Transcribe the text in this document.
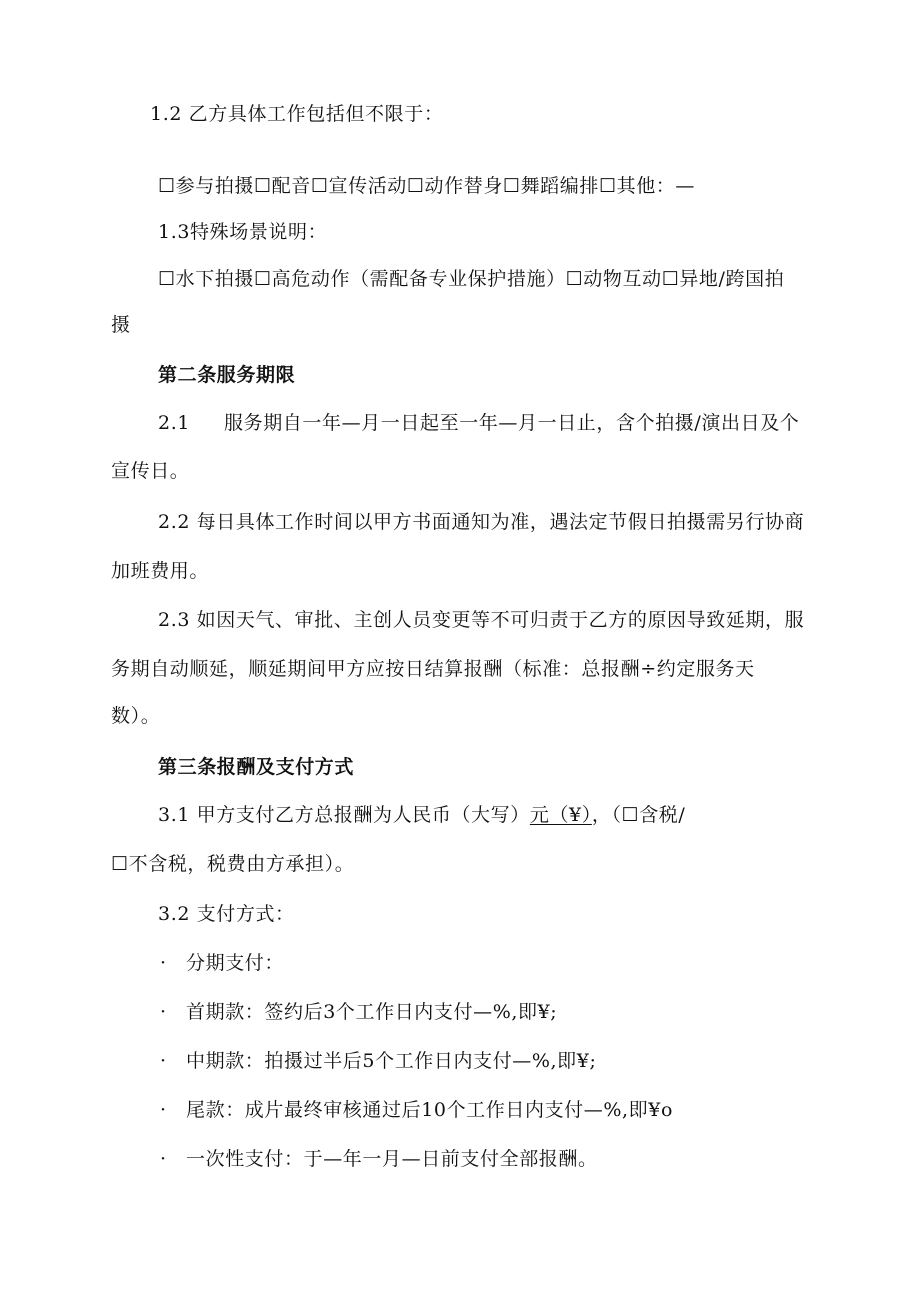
1.2 乙方具体工作包括但不限于：
☐参与拍摄☐配音☐宣传活动☐动作替身☐舞蹈编排☐其他：—
1.3特殊场景说明：
☐水下拍摄☐高危动作（需配备专业保护措施）☐动物互动☐异地/跨国拍
摄
第二条服务期限
2.1 服务期自一年—月一日起至一年—月一日止，含个拍摄/演出日及个
宣传日。
2.2 每日具体工作时间以甲方书面通知为准，遇法定节假日拍摄需另行协商
加班费用。
2.3 如因天气、审批、主创人员变更等不可归责于乙方的原因导致延期，服
务期自动顺延，顺延期间甲方应按日结算报酬（标准：总报酬÷约定服务天
数）。
第三条报酬及支付方式
3.1 甲方支付乙方总报酬为人民币（大写）元（¥），（☐含税/
☐不含税，税费由方承担）。
3.2 支付方式：
· 分期支付：
· 首期款：签约后3个工作日内支付—%,即¥;
· 中期款：拍摄过半后5个工作日内支付—%,即¥;
· 尾款：成片最终审核通过后10个工作日内支付—%,即¥o
· 一次性支付：于—年一月—日前支付全部报酬。
